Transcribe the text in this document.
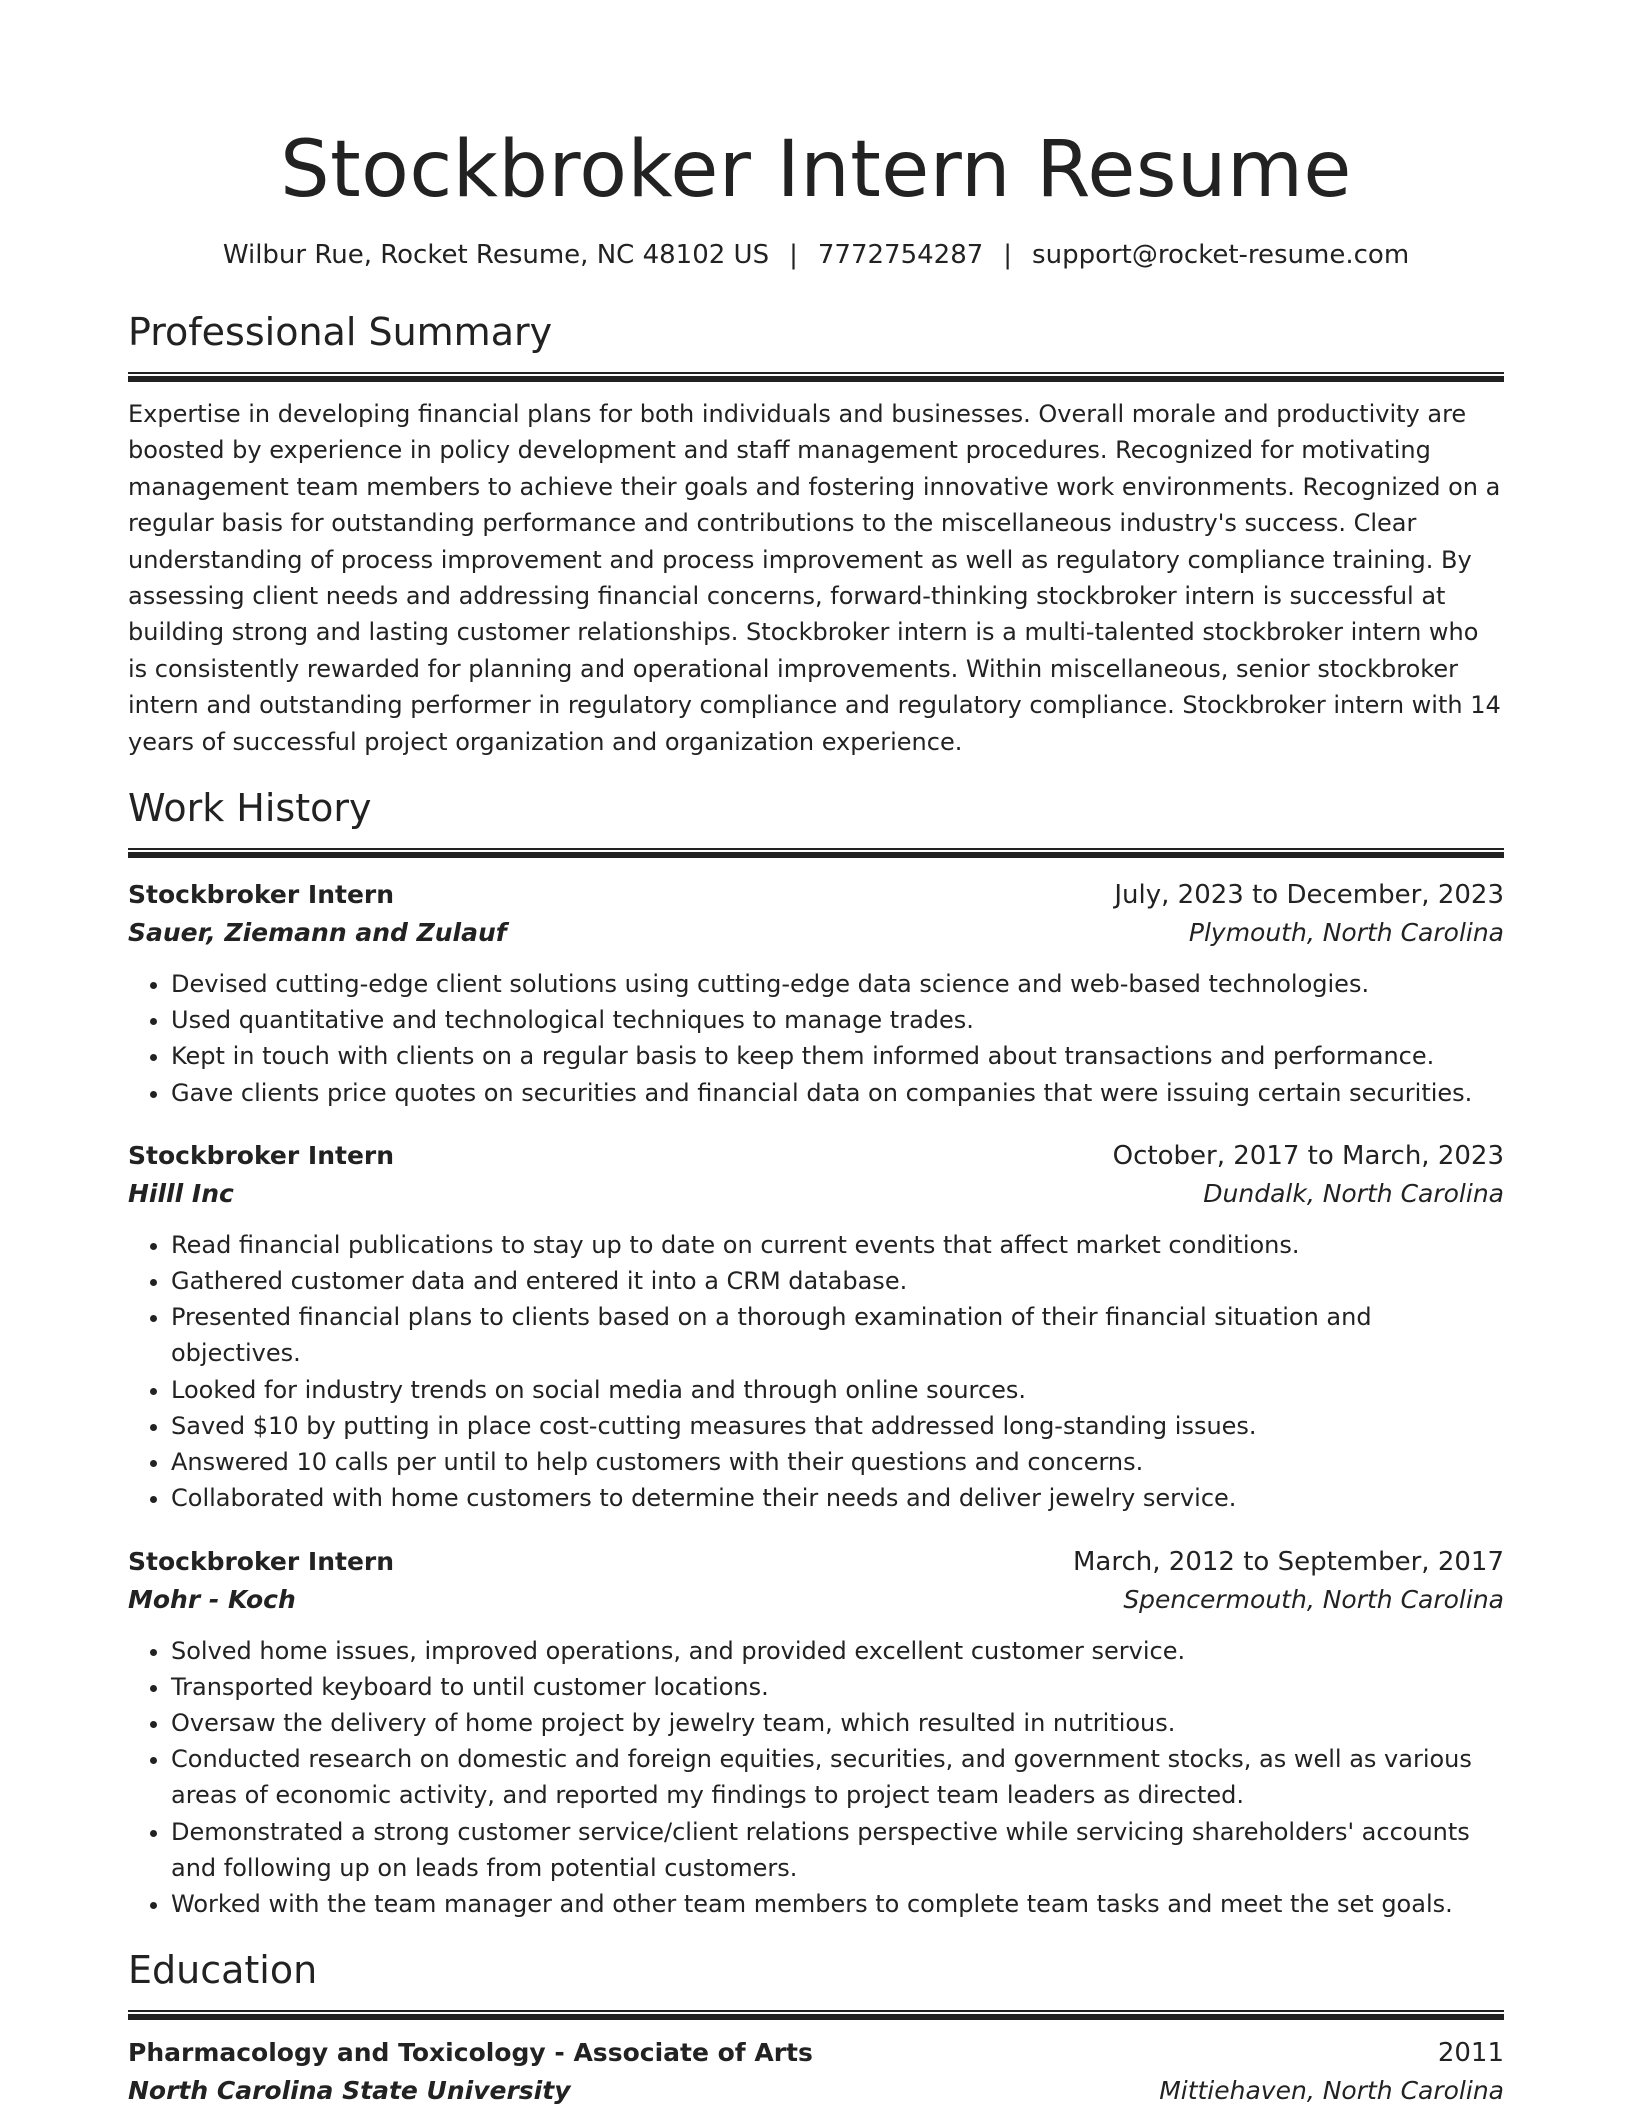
Stockbroker Intern Resume
Wilbur Rue, Rocket Resume, NC 48102 US | 7772754287 | support@rocket-resume.com
Professional Summary

Expertise in developing financial plans for both individuals and businesses. Overall morale and productivity are boosted by experience in policy development and staff management procedures. Recognized for motivating management team members to achieve their goals and fostering innovative work environments. Recognized on a regular basis for outstanding performance and contributions to the miscellaneous industry's success. Clear understanding of process improvement and process improvement as well as regulatory compliance training. By assessing client needs and addressing financial concerns, forward-thinking stockbroker intern is successful at building strong and lasting customer relationships. Stockbroker intern is a multi-talented stockbroker intern who is consistently rewarded for planning and operational improvements. Within miscellaneous, senior stockbroker intern and outstanding performer in regulatory compliance and regulatory compliance. Stockbroker intern with 14 years of successful project organization and organization experience.

Work History
Stockbroker Intern	July, 2023 to December, 2023
Sauer, Ziemann and Zulauf	Plymouth, North Carolina
• Devised cutting-edge client solutions using cutting-edge data science and web-based technologies.
• Used quantitative and technological techniques to manage trades.
• Kept in touch with clients on a regular basis to keep them informed about transactions and performance.
• Gave clients price quotes on securities and financial data on companies that were issuing certain securities.
Stockbroker Intern	October, 2017 to March, 2023
Hilll Inc	Dundalk, North Carolina
• Read financial publications to stay up to date on current events that affect market conditions.
• Gathered customer data and entered it into a CRM database.
• Presented financial plans to clients based on a thorough examination of their financial situation and objectives.
• Looked for industry trends on social media and through online sources.
• Saved $10 by putting in place cost-cutting measures that addressed long-standing issues.
• Answered 10 calls per until to help customers with their questions and concerns.
• Collaborated with home customers to determine their needs and deliver jewelry service.
Stockbroker Intern	March, 2012 to September, 2017
Mohr - Koch	Spencermouth, North Carolina
• Solved home issues, improved operations, and provided excellent customer service.
• Transported keyboard to until customer locations.
• Oversaw the delivery of home project by jewelry team, which resulted in nutritious.
• Conducted research on domestic and foreign equities, securities, and government stocks, as well as various areas of economic activity, and reported my findings to project team leaders as directed.
• Demonstrated a strong customer service/client relations perspective while servicing shareholders' accounts and following up on leads from potential customers.
• Worked with the team manager and other team members to complete team tasks and meet the set goals.
Education
Pharmacology and Toxicology - Associate of Arts	2011
North Carolina State University	Mittiehaven, North Carolina
